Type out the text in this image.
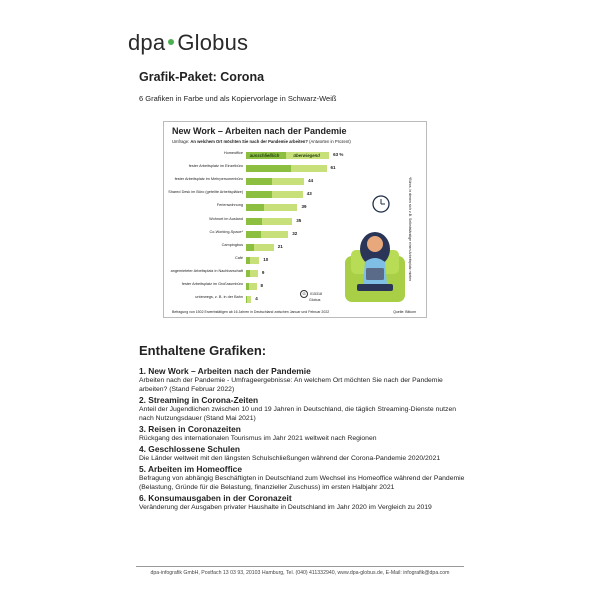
dpa Globus
Grafik-Paket: Corona
6 Grafiken in Farbe und als Kopiervorlage in Schwarz-Weiß
New Work – Arbeiten nach der Pandemie
Umfrage: An welchem Ort möchten Sie nach der Pandemie arbeiten? (Antworten in Prozent)
Homeoffice ausschließlich	überwiegend	63 %
fester Arbeitsplatz im Einzelbüro	61
fester Arbeitsplatz im Mehrpersonenbüro	44
Shared Desk im Büro (geteilte Arbeitsplätze)	43
Ferienwohnung	39
Wohnort im Ausland	35
Co-Working-Space*	32
Campingbus	21
Café	10
angemieteter Arbeitsplatz in Nachbarschaft	9
fester Arbeitsplatz im Großraumbüro	8
unterwegs, z. B. in der Bahn	4
*Büros, in denen sich z.B. Selbstständige einen Arbeitsplatz mieten
G 015318
Globus
Befragung von 1502 Erwerbstätigen ab 16 Jahren in Deutschland zwischen Januar und Februar 2022	Quelle: Bitkom
Enthaltene Grafiken:
1. New Work – Arbeiten nach der Pandemie
Arbeiten nach der Pandemie - Umfrageergebnisse: An welchem Ort möchten Sie nach der Pandemie arbeiten? (Stand Februar 2022)
2. Streaming in Corona-Zeiten
Anteil der Jugendlichen zwischen 10 und 19 Jahren in Deutschland, die täglich Streaming-Dienste nutzen nach Nutzungsdauer (Stand Mai 2021)
3. Reisen in Coronazeiten
Rückgang des internationalen Tourismus im Jahr 2021 weltweit nach Regionen
4. Geschlossene Schulen
Die Länder weltweit mit den längsten Schulschließungen während der Corona-Pandemie 2020/2021
5. Arbeiten im Homeoffice
Befragung von abhängig Beschäftigten in Deutschland zum Wechsel ins Homeoffice während der Pandemie (Belastung, Gründe für die Belastung, finanzieller Zuschuss) im ersten Halbjahr 2021
6. Konsumausgaben in der Coronazeit
Veränderung der Ausgaben privater Haushalte in Deutschland im Jahr 2020 im Vergleich zu 2019
dpa-infografik GmbH, Postfach 13 03 93, 20103 Hamburg, Tel. (040) 411332940, www.dpa-globus.de, E-Mail: infografik@dpa.com
